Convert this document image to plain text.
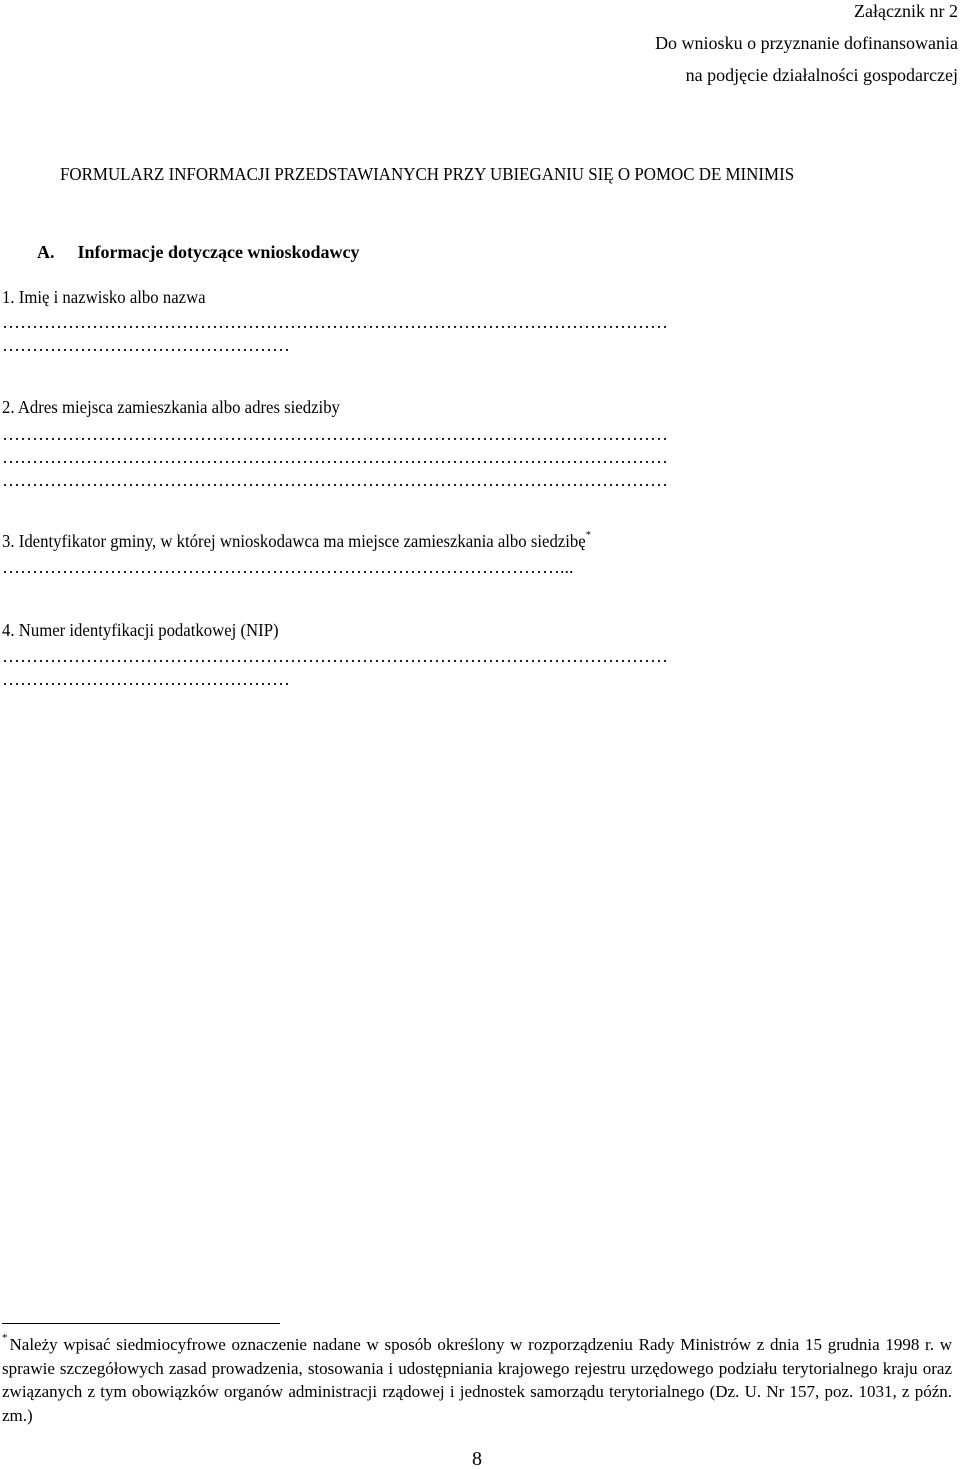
Załącznik nr 2
Do wniosku o przyznanie dofinansowania
na podjęcie działalności gospodarczej
FORMULARZ INFORMACJI PRZEDSTAWIANYCH PRZY UBIEGANIU SIĘ O POMOC DE MINIMIS
A. Informacje dotyczące wnioskodawcy
1. Imię i nazwisko albo nazwa
…………………………………………………………………………………………………
…………………………………………
2. Adres miejsca zamieszkania albo adres siedziby
…………………………………………………………………………………………………
…………………………………………………………………………………………………
…………………………………………………………………………………………………
3. Identyfikator gminy, w której wnioskodawca ma miejsce zamieszkania albo siedzibę*
…………………………………………………………………………………...
4. Numer identyfikacji podatkowej (NIP)
…………………………………………………………………………………………………
…………………………………………
* Należy wpisać siedmiocyfrowe oznaczenie nadane w sposób określony w rozporządzeniu Rady Ministrów z dnia 15 grudnia 1998 r. w sprawie szczegółowych zasad prowadzenia, stosowania i udostępniania krajowego rejestru urzędowego podziału terytorialnego kraju oraz związanych z tym obowiązków organów administracji rządowej i jednostek samorządu terytorialnego (Dz. U. Nr 157, poz. 1031, z późn. zm.)
8
